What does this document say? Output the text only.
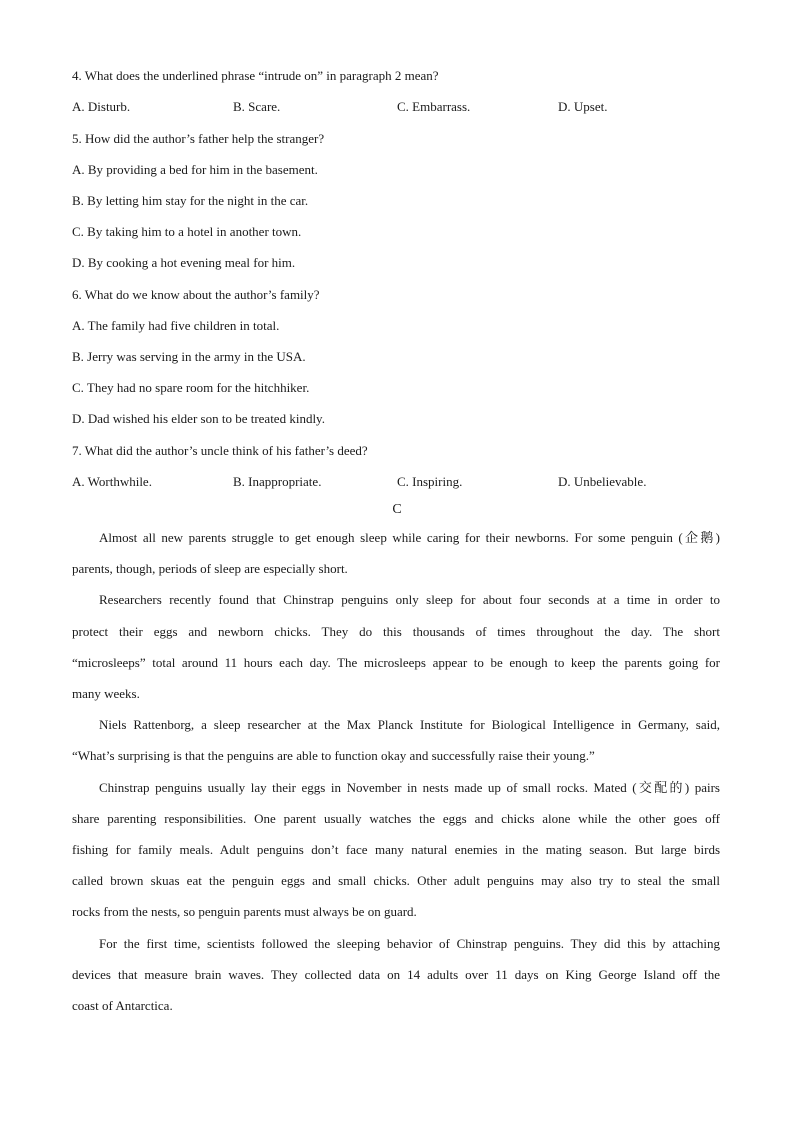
4. What does the underlined phrase “intrude on” in paragraph 2 mean?
A. Disturb.	B. Scare.	C. Embarrass.	D. Upset.
5. How did the author’s father help the stranger?
A. By providing a bed for him in the basement.
B. By letting him stay for the night in the car.
C. By taking him to a hotel in another town.
D. By cooking a hot evening meal for him.
6. What do we know about the author’s family?
A. The family had five children in total.
B. Jerry was serving in the army in the USA.
C. They had no spare room for the hitchhiker.
D. Dad wished his elder son to be treated kindly.
7. What did the author’s uncle think of his father’s deed?
A. Worthwhile.	B. Inappropriate.	C. Inspiring.	D. Unbelievable.
C
Almost all new parents struggle to get enough sleep while caring for their newborns. For some penguin (企鹅)
parents, though, periods of sleep are especially short.
Researchers recently found that Chinstrap penguins only sleep for about four seconds at a time in order to
protect their eggs and newborn chicks. They do this thousands of times throughout the day. The short
“microsleeps” total around 11 hours each day. The microsleeps appear to be enough to keep the parents going for
many weeks.
Niels Rattenborg, a sleep researcher at the Max Planck Institute for Biological Intelligence in Germany, said,
“What’s surprising is that the penguins are able to function okay and successfully raise their young.”
Chinstrap penguins usually lay their eggs in November in nests made up of small rocks. Mated (交配的) pairs
share parenting responsibilities. One parent usually watches the eggs and chicks alone while the other goes off
fishing for family meals. Adult penguins don’t face many natural enemies in the mating season. But large birds
called brown skuas eat the penguin eggs and small chicks. Other adult penguins may also try to steal the small
rocks from the nests, so penguin parents must always be on guard.
For the first time, scientists followed the sleeping behavior of Chinstrap penguins. They did this by attaching
devices that measure brain waves. They collected data on 14 adults over 11 days on King George Island off the
coast of Antarctica.
